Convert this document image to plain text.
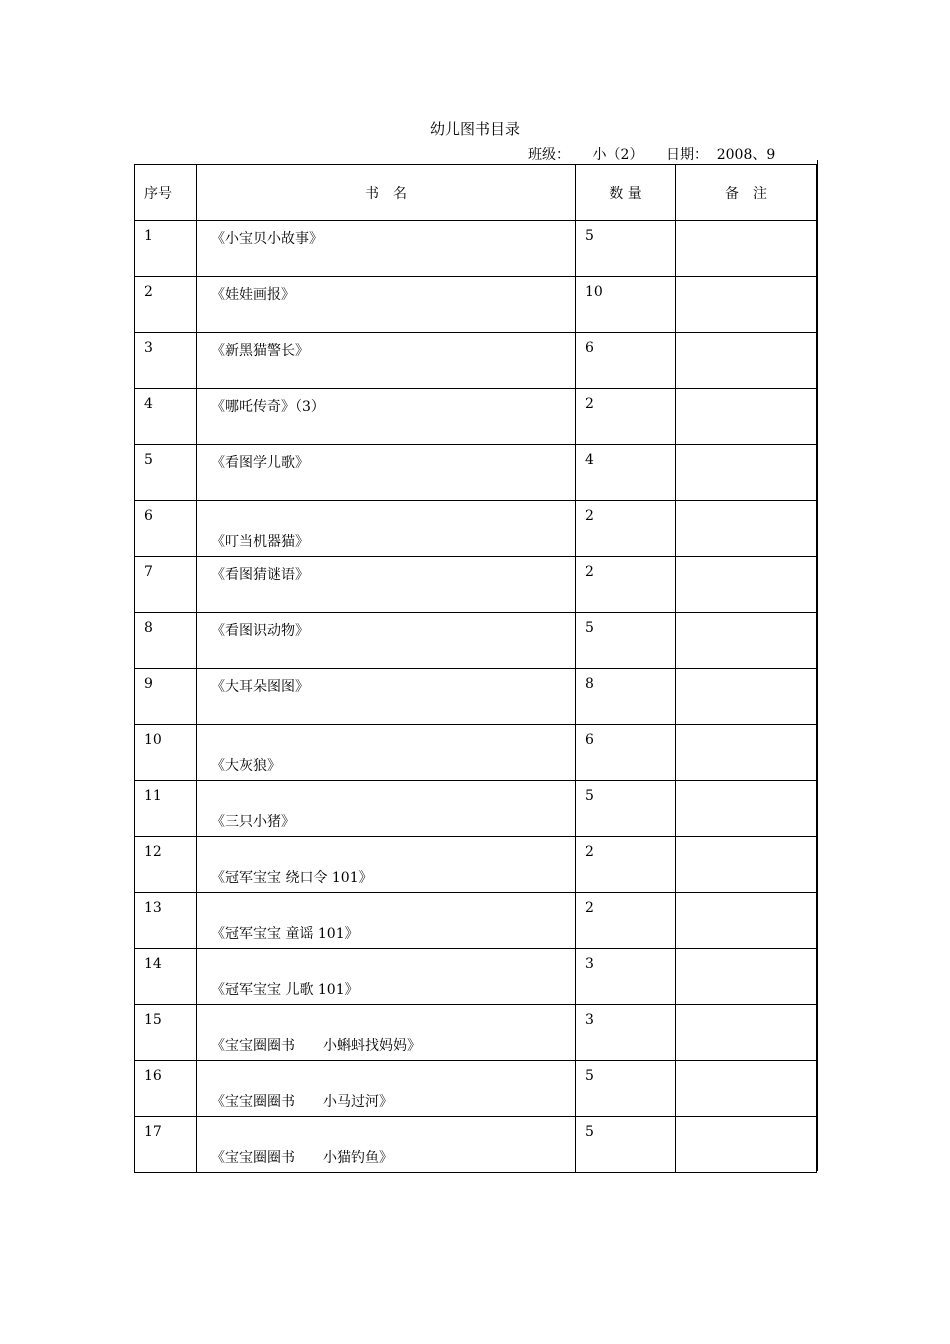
幼儿图书目录
班级： 小（2） 日期： 2008、9
序号	书　名	数 量	备　注

1	《小宝贝小故事》	5	

2	《娃娃画报》	10	

3	《新黑猫警长》	6	

4	《哪吒传奇》（3）	2	

5	《看图学儿歌》	4	

6	《叮当机器猫》	2	

7	《看图猜谜语》	2	

8	《看图识动物》	5	

9	《大耳朵图图》	8	

10	《大灰狼》	6	

11	《三只小猪》	5	

12	《冠军宝宝 绕口令 101》	2	

13	《冠军宝宝 童谣 101》	2	

14	《冠军宝宝 儿歌 101》	3	

15	《宝宝圈圈书　　小蝌蚪找妈妈》	3	

16	《宝宝圈圈书　　小马过河》	5	

17	《宝宝圈圈书　　小猫钓鱼》	5	
